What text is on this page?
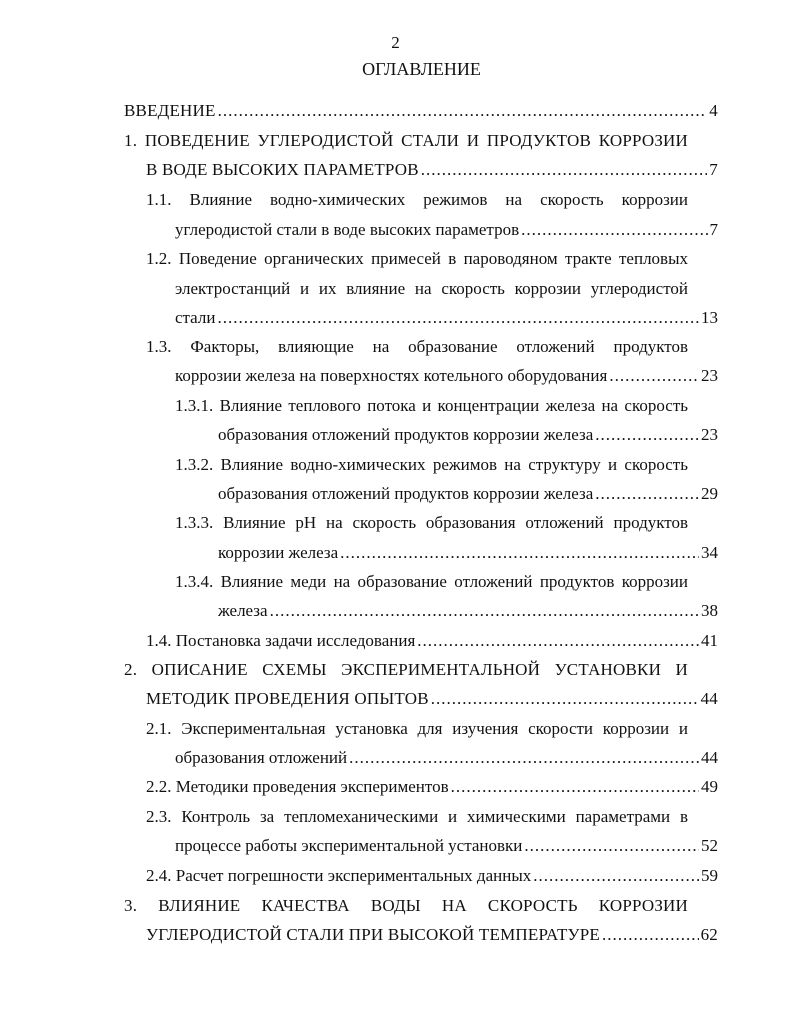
2
ОГЛАВЛЕНИЕ
ВВЕДЕНИЕ .....	4
1. ПОВЕДЕНИЕ УГЛЕРОДИСТОЙ СТАЛИ И ПРОДУКТОВ КОРРОЗИИ
В ВОДЕ ВЫСОКИХ ПАРАМЕТРОВ .....	7
1.1. Влияние водно-химических режимов на скорость коррозии
углеродистой стали в воде высоких параметров .....	7
1.2. Поведение органических примесей в пароводяном тракте тепловых
электростанций и их влияние на скорость коррозии углеродистой
стали .....	13
1.3. Факторы, влияющие на образование отложений продуктов
коррозии железа на поверхностях котельного оборудования .....	23
1.3.1. Влияние теплового потока и концентрации железа на скорость
образования отложений продуктов коррозии железа .....	23
1.3.2. Влияние водно-химических режимов на структуру и скорость
образования отложений продуктов коррозии железа .....	29
1.3.3. Влияние pH на скорость образования отложений продуктов
коррозии железа .....	34
1.3.4. Влияние меди на образование отложений продуктов коррозии
железа .....	38
1.4. Постановка задачи исследования .....	41
2. ОПИСАНИЕ СХЕМЫ ЭКСПЕРИМЕНТАЛЬНОЙ УСТАНОВКИ И
МЕТОДИК ПРОВЕДЕНИЯ ОПЫТОВ .....	44
2.1. Экспериментальная установка для изучения скорости коррозии и
образования отложений .....	44
2.2. Методики проведения экспериментов .....	49
2.3. Контроль за тепломеханическими и химическими параметрами в
процессе работы экспериментальной установки .....	52
2.4. Расчет погрешности экспериментальных данных .....	59
3. ВЛИЯНИЕ КАЧЕСТВА ВОДЫ НА СКОРОСТЬ КОРРОЗИИ
УГЛЕРОДИСТОЙ СТАЛИ ПРИ ВЫСОКОЙ ТЕМПЕРАТУРЕ .....	62
